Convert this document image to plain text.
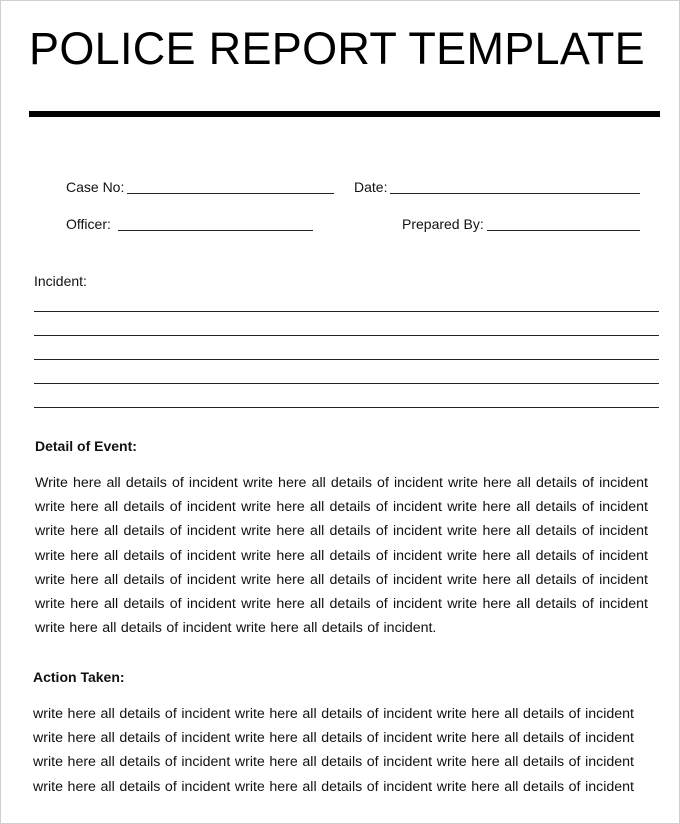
POLICE REPORT TEMPLATE
Case No:	Date:
Officer:	Prepared By:
Incident:
Detail of Event:
Write here all details of incident write here all details of incident write here all details of incident
write here all details of incident write here all details of incident write here all details of incident
write here all details of incident write here all details of incident write here all details of incident
write here all details of incident write here all details of incident write here all details of incident
write here all details of incident write here all details of incident write here all details of incident
write here all details of incident write here all details of incident write here all details of incident
write here all details of incident write here all details of incident.
Action Taken:
write here all details of incident write here all details of incident write here all details of incident
write here all details of incident write here all details of incident write here all details of incident
write here all details of incident write here all details of incident write here all details of incident
write here all details of incident write here all details of incident write here all details of incident
